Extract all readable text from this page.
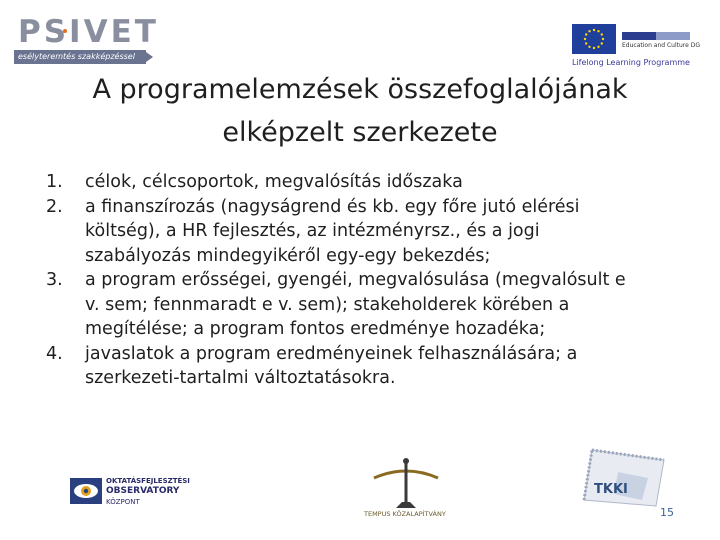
PSIVET
esélyteremtés szakképzéssel
Education and Culture DG
Lifelong Learning Programme
A programelemzések összefoglalójának
elképzelt szerkezete
1. célok, célcsoportok, megvalósítás időszaka
2. a finanszírozás (nagyságrend és kb. egy főre jutó elérési
költség), a HR fejlesztés, az intézményrsz., és a jogi
szabályozás mindegyikéről egy-egy bekezdés;
3. a program erősségei, gyengéi, megvalósulása (megvalósult e
v. sem; fennmaradt e v. sem); stakeholderek körében a
megítélése; a program fontos eredménye hozadéka;
4. javaslatok a program eredményeinek felhasználására; a
szerkezeti-tartalmi változtatásokra.
OKTATÁSFEJLESZTÉSI
OBSERVATORY
KÖZPONT
TEMPUS KÖZALAPÍTVÁNY
TKKI
15
